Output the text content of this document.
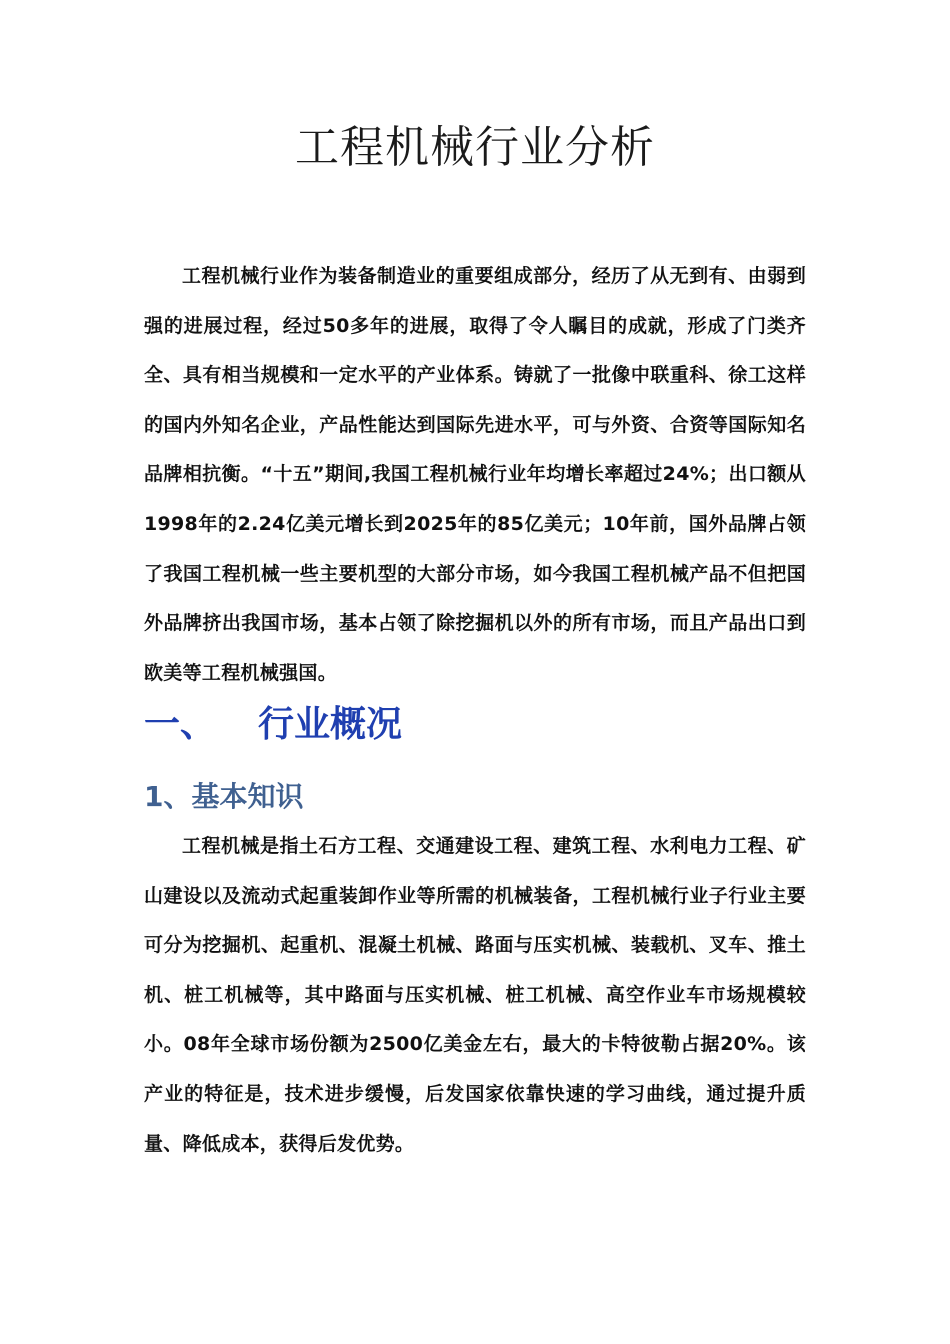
工程机械行业分析

工程机械行业作为装备制造业的重要组成部分，经历了从无到有、由弱到强的进展过程，经过50多年的进展，取得了令人瞩目的成就，形成了门类齐全、具有相当规模和一定水平的产业体系。铸就了一批像中联重科、徐工这样的国内外知名企业，产品性能达到国际先进水平，可与外资、合资等国际知名品牌相抗衡。“十五”期间,我国工程机械行业年均增长率超过24%；出口额从1998年的2.24亿美元增长到2025年的85亿美元；10年前，国外品牌占领了我国工程机械一些主要机型的大部分市场，如今我国工程机械产品不但把国外品牌挤出我国市场，基本占领了除挖掘机以外的所有市场，而且产品出口到欧美等工程机械强国。

一、 行业概况
1、基本知识

工程机械是指土石方工程、交通建设工程、建筑工程、水利电力工程、矿山建设以及流动式起重装卸作业等所需的机械装备，工程机械行业子行业主要可分为挖掘机、起重机、混凝土机械、路面与压实机械、装载机、叉车、推土机、桩工机械等，其中路面与压实机械、桩工机械、高空作业车市场规模较小。08年全球市场份额为2500亿美金左右，最大的卡特彼勒占据20%。该产业的特征是，技术进步缓慢，后发国家依靠快速的学习曲线，通过提升质量、降低成本，获得后发优势。
